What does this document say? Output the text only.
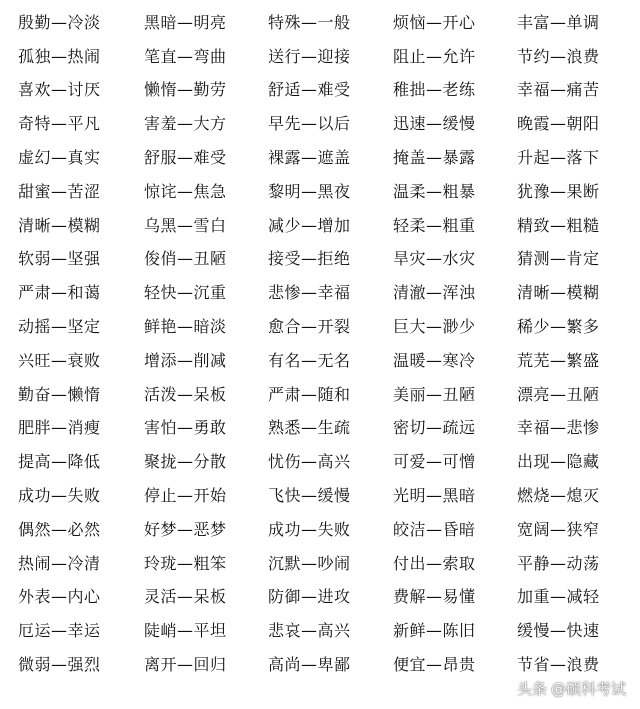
殷勤—冷淡	黑暗—明亮	特殊—一般	烦恼—开心	丰富—单调
孤独—热闹	笔直—弯曲	送行—迎接	阻止—允许	节约—浪费
喜欢—讨厌	懒惰—勤劳	舒适—难受	稚拙—老练	幸福—痛苦
奇特—平凡	害羞—大方	早先—以后	迅速—缓慢	晚霞—朝阳
虚幻—真实	舒服—难受	裸露—遮盖	掩盖—暴露	升起—落下
甜蜜—苦涩	惊诧—焦急	黎明—黑夜	温柔—粗暴	犹豫—果断
清晰—模糊	乌黑—雪白	减少—增加	轻柔—粗重	精致—粗糙
软弱—坚强	俊俏—丑陋	接受—拒绝	旱灾—水灾	猜测—肯定
严肃—和蔼	轻快—沉重	悲惨—幸福	清澈—浑浊	清晰—模糊
动摇—坚定	鲜艳—暗淡	愈合—开裂	巨大—渺少	稀少—繁多
兴旺—衰败	增添—削减	有名—无名	温暖—寒冷	荒芜—繁盛
勤奋—懒惰	活泼—呆板	严肃—随和	美丽—丑陋	漂亮—丑陋
肥胖—消瘦	害怕—勇敢	熟悉—生疏	密切—疏远	幸福—悲惨
提高—降低	聚拢—分散	忧伤—高兴	可爱—可憎	出现—隐藏
成功—失败	停止—开始	飞快—缓慢	光明—黑暗	燃烧—熄灭
偶然—必然	好梦—恶梦	成功—失败	皎洁—昏暗	宽阔—狭窄
热闹—冷清	玲珑—粗笨	沉默—吵闹	付出—索取	平静—动荡
外表—内心	灵活—呆板	防御—进攻	费解—易懂	加重—减轻
厄运—幸运	陡峭—平坦	悲哀—高兴	新鲜—陈旧	缓慢—快速
微弱—强烈	离开—回归	高尚—卑鄙	便宜—昂贵	节省—浪费
头条 @硕科考试
